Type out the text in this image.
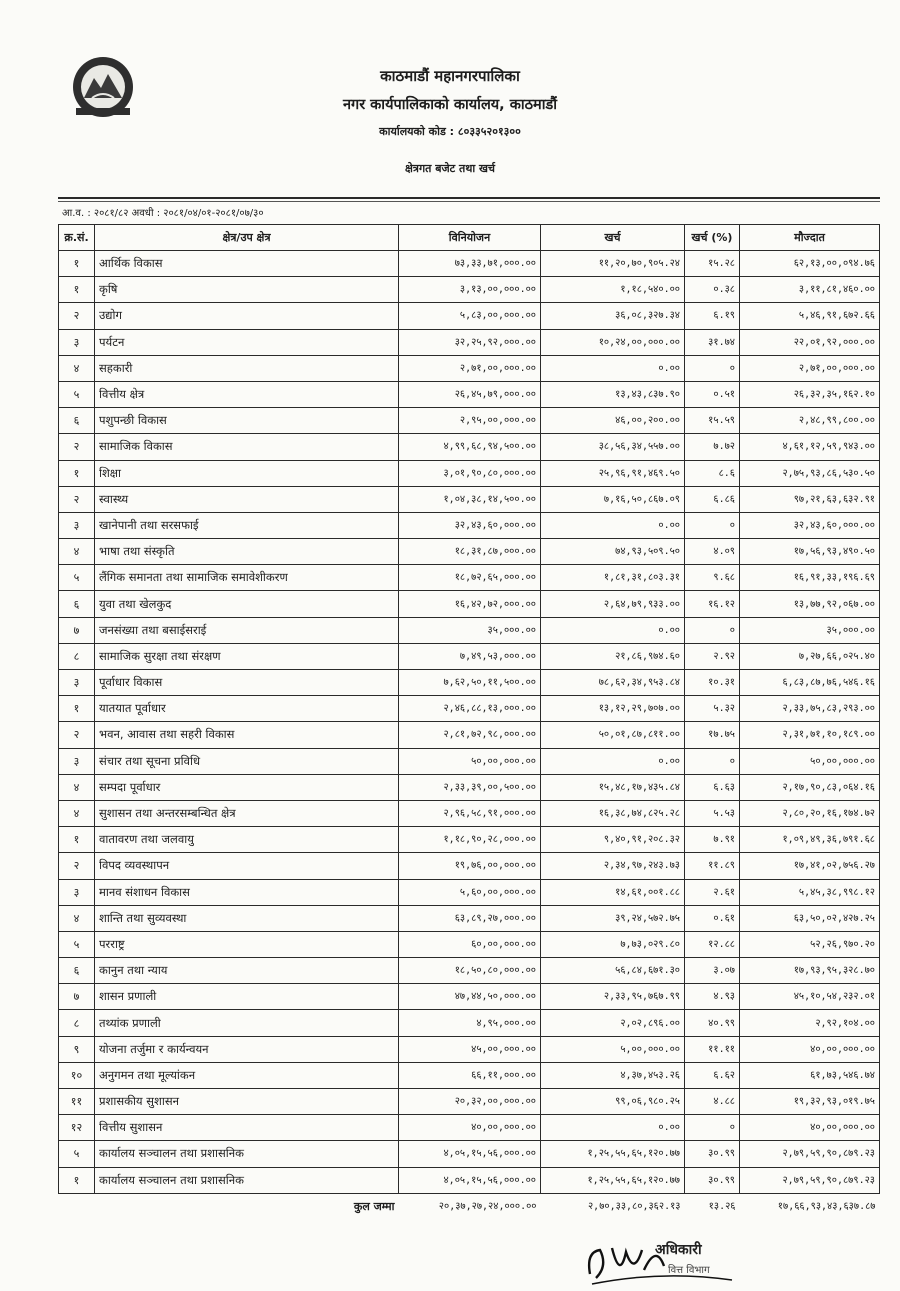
काठमाडौं महानगरपालिका
नगर कार्यपालिकाको कार्यालय, काठमाडौं
कार्यालयको कोड : ८०३३५२०१३००
क्षेत्रगत बजेट तथा खर्च
आ.व. : २०८१/८२ अवधी : २०८१/०४/०१-२०८१/०७/३०
क्र.सं.	क्षेत्र/उप क्षेत्र	विनियोजन	खर्च	खर्च (%)	मौज्दात
१	आर्थिक विकास	७३,३३,७१,०००.००	११,२०,७०,९०५.२४	१५.२८	६२,१३,००,०९४.७६
१	कृषि	३,१३,००,०००.००	१,१८,५४०.००	०.३८	३,११,८१,४६०.००
२	उद्योग	५,८३,००,०००.००	३६,०८,३२७.३४	६.१९	५,४६,९१,६७२.६६
३	पर्यटन	३२,२५,९२,०००.००	१०,२४,००,०००.००	३१.७४	२२,०१,९२,०००.००
४	सहकारी	२,७१,००,०००.००	०.००	०	२,७१,००,०००.००
५	वित्तीय क्षेत्र	२६,४५,७९,०००.००	१३,४३,८३७.९०	०.५१	२६,३२,३५,१६२.१०
६	पशुपन्छी विकास	२,९५,००,०००.००	४६,००,२००.००	१५.५९	२,४८,९९,८००.००
२	सामाजिक विकास	४,९९,६८,९४,५००.००	३८,५६,३४,५५७.००	७.७२	४,६१,१२,५९,९४३.००
१	शिक्षा	३,०१,९०,८०,०००.००	२५,९६,९१,४६९.५०	८.६	२,७५,९३,८६,५३०.५०
२	स्वास्थ्य	१,०४,३८,१४,५००.००	७,१६,५०,८६७.०९	६.८६	९७,२१,६३,६३२.९१
३	खानेपानी तथा सरसफाई	३२,४३,६०,०००.००	०.००	०	३२,४३,६०,०००.००
४	भाषा तथा संस्कृति	१८,३१,८७,०००.००	७४,९३,५०९.५०	४.०९	१७,५६,९३,४९०.५०
५	लैंगिक समानता तथा सामाजिक समावेशीकरण	१८,७२,६५,०००.००	१,८१,३१,८०३.३१	९.६८	१६,९१,३३,१९६.६९
६	युवा तथा खेलकुद	१६,४२,७२,०००.००	२,६४,७९,९३३.००	१६.१२	१३,७७,९२,०६७.००
७	जनसंख्या तथा बसाईसराई	३५,०००.००	०.००	०	३५,०००.००
८	सामाजिक सुरक्षा तथा संरक्षण	७,४९,५३,०००.००	२१,८६,९७४.६०	२.९२	७,२७,६६,०२५.४०
३	पूर्वाधार विकास	७,६२,५०,११,५००.००	७८,६२,३४,९५३.८४	१०.३१	६,८३,८७,७६,५४६.१६
१	यातयात पूर्वाधार	२,४६,८८,१३,०००.००	१३,१२,२९,७०७.००	५.३२	२,३३,७५,८३,२९३.००
२	भवन, आवास तथा सहरी विकास	२,८१,७२,९८,०००.००	५०,०१,८७,८११.००	१७.७५	२,३१,७१,१०,१८९.००
३	संचार तथा सूचना प्रविधि	५०,००,०००.००	०.००	०	५०,००,०००.००
४	सम्पदा पूर्वाधार	२,३३,३९,००,५००.००	१५,४८,१७,४३५.८४	६.६३	२,१७,९०,८३,०६४.१६
४	सुशासन तथा अन्तरसम्बन्धित क्षेत्र	२,९६,५८,९१,०००.००	१६,३८,७४,८२५.२८	५.५३	२,८०,२०,१६,१७४.७२
१	वातावरण तथा जलवायु	१,१८,९०,२८,०००.००	९,४०,९१,२०८.३२	७.९१	१,०९,४९,३६,७९१.६८
२	विपद व्यवस्थापन	१९,७६,००,०००.००	२,३४,९७,२४३.७३	११.८९	१७,४१,०२,७५६.२७
३	मानव संशाधन विकास	५,६०,००,०००.००	१४,६१,००१.८८	२.६१	५,४५,३८,९९८.१२
४	शान्ति तथा सुव्यवस्था	६३,८९,२७,०००.००	३९,२४,५७२.७५	०.६१	६३,५०,०२,४२७.२५
५	परराष्ट्र	६०,००,०००.००	७,७३,०२९.८०	१२.८८	५२,२६,९७०.२०
६	कानुन तथा न्याय	१८,५०,८०,०००.००	५६,८४,६७१.३०	३.०७	१७,९३,९५,३२८.७०
७	शासन प्रणाली	४७,४४,५०,०००.००	२,३३,९५,७६७.९९	४.९३	४५,१०,५४,२३२.०१
८	तथ्यांक प्रणाली	४,९५,०००.००	२,०२,८९६.००	४०.९९	२,९२,१०४.००
९	योजना तर्जुमा र कार्यन्वयन	४५,००,०००.००	५,००,०००.००	११.११	४०,००,०००.००
१०	अनुगमन तथा मूल्यांकन	६६,११,०००.००	४,३७,४५३.२६	६.६२	६१,७३,५४६.७४
११	प्रशासकीय सुशासन	२०,३२,००,०००.००	९९,०६,९८०.२५	४.८८	१९,३२,९३,०१९.७५
१२	वित्तीय सुशासन	४०,००,०००.००	०.००	०	४०,००,०००.००
५	कार्यालय सञ्चालन तथा प्रशासनिक	४,०५,१५,५६,०००.००	१,२५,५५,६५,१२०.७७	३०.९९	२,७९,५९,९०,८७९.२३
१	कार्यालय सञ्चालन तथा प्रशासनिक	४,०५,१५,५६,०००.००	१,२५,५५,६५,१२०.७७	३०.९९	२,७९,५९,९०,८७९.२३
	कुल जम्मा	२०,३७,२७,२४,०००.००	२,७०,३३,८०,३६२.१३	१३.२६	१७,६६,९३,४३,६३७.८७
अधिकारी
वित्त विभाग
